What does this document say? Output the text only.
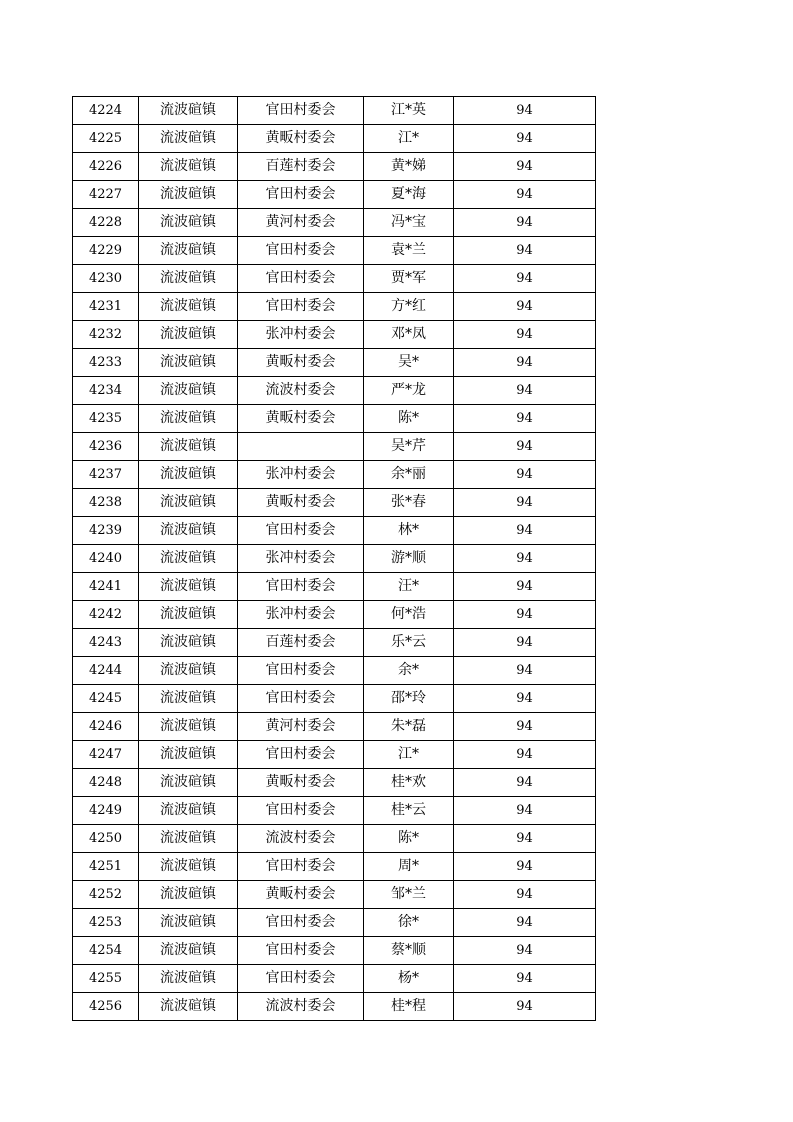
4224	流波碹镇	官田村委会	江*英	94
4225	流波碹镇	黄畈村委会	江*	94
4226	流波碹镇	百莲村委会	黄*娣	94
4227	流波碹镇	官田村委会	夏*海	94
4228	流波碹镇	黄河村委会	冯*宝	94
4229	流波碹镇	官田村委会	袁*兰	94
4230	流波碹镇	官田村委会	贾*军	94
4231	流波碹镇	官田村委会	方*红	94
4232	流波碹镇	张冲村委会	邓*凤	94
4233	流波碹镇	黄畈村委会	吴*	94
4234	流波碹镇	流波村委会	严*龙	94
4235	流波碹镇	黄畈村委会	陈*	94
4236	流波碹镇		吴*芹	94
4237	流波碹镇	张冲村委会	余*丽	94
4238	流波碹镇	黄畈村委会	张*春	94
4239	流波碹镇	官田村委会	林*	94
4240	流波碹镇	张冲村委会	游*顺	94
4241	流波碹镇	官田村委会	汪*	94
4242	流波碹镇	张冲村委会	何*浩	94
4243	流波碹镇	百莲村委会	乐*云	94
4244	流波碹镇	官田村委会	余*	94
4245	流波碹镇	官田村委会	邵*玲	94
4246	流波碹镇	黄河村委会	朱*磊	94
4247	流波碹镇	官田村委会	江*	94
4248	流波碹镇	黄畈村委会	桂*欢	94
4249	流波碹镇	官田村委会	桂*云	94
4250	流波碹镇	流波村委会	陈*	94
4251	流波碹镇	官田村委会	周*	94
4252	流波碹镇	黄畈村委会	邹*兰	94
4253	流波碹镇	官田村委会	徐*	94
4254	流波碹镇	官田村委会	蔡*顺	94
4255	流波碹镇	官田村委会	杨*	94
4256	流波碹镇	流波村委会	桂*程	94
